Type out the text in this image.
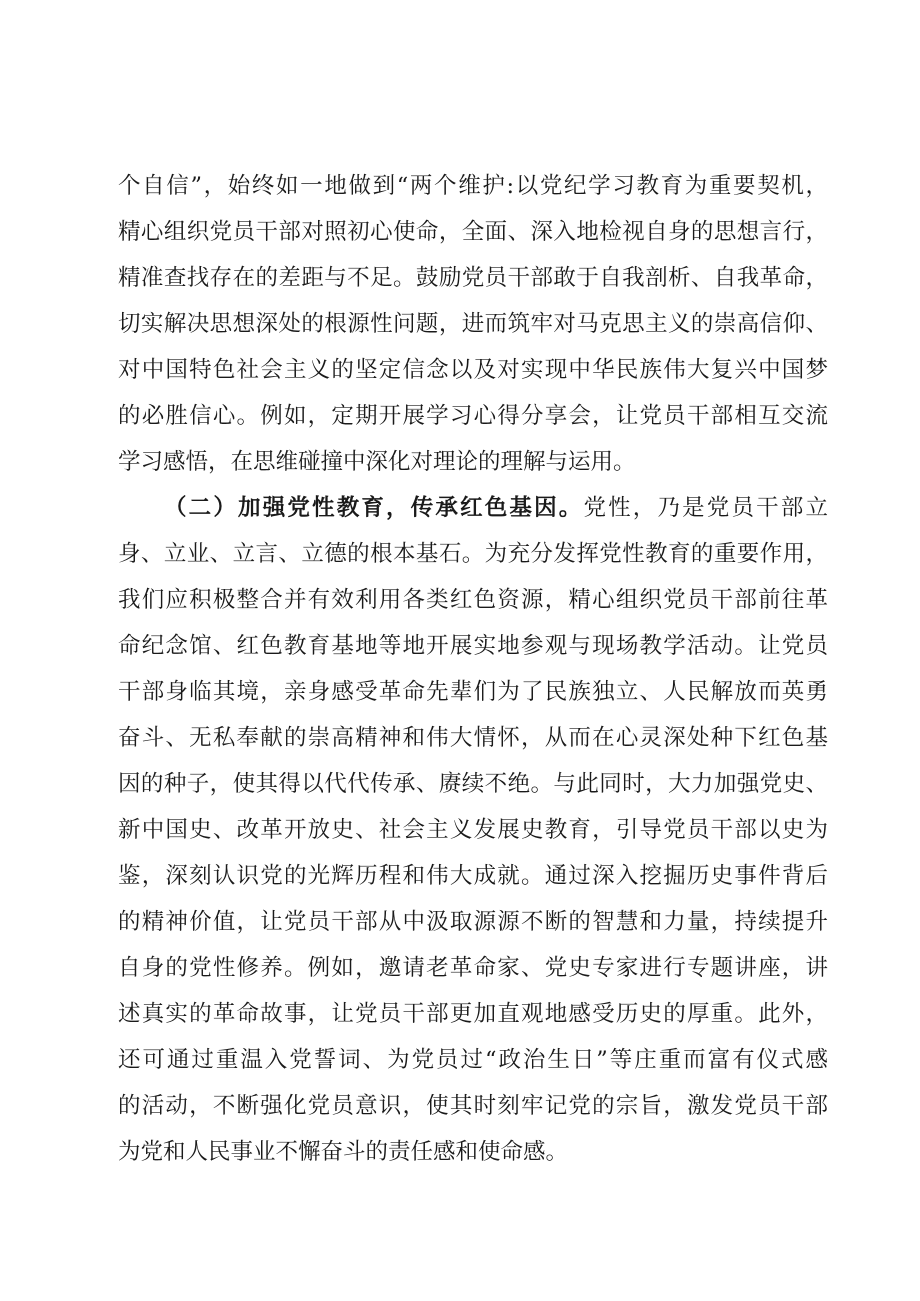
个自信”，始终如一地做到“两个维护:以党纪学习教育为重要契机，
精心组织党员干部对照初心使命，全面、深入地检视自身的思想言行，
精准查找存在的差距与不足。鼓励党员干部敢于自我剖析、自我革命，
切实解决思想深处的根源性问题，进而筑牢对马克思主义的崇高信仰、
对中国特色社会主义的坚定信念以及对实现中华民族伟大复兴中国梦
的必胜信心。例如，定期开展学习心得分享会，让党员干部相互交流
学习感悟，在思维碰撞中深化对理论的理解与运用。
（二）加强党性教育，传承红色基因。党性，乃是党员干部立
身、立业、立言、立德的根本基石。为充分发挥党性教育的重要作用，
我们应积极整合并有效利用各类红色资源，精心组织党员干部前往革
命纪念馆、红色教育基地等地开展实地参观与现场教学活动。让党员
干部身临其境，亲身感受革命先辈们为了民族独立、人民解放而英勇
奋斗、无私奉献的崇高精神和伟大情怀，从而在心灵深处种下红色基
因的种子，使其得以代代传承、赓续不绝。与此同时，大力加强党史、
新中国史、改革开放史、社会主义发展史教育，引导党员干部以史为
鉴，深刻认识党的光辉历程和伟大成就。通过深入挖掘历史事件背后
的精神价值，让党员干部从中汲取源源不断的智慧和力量，持续提升
自身的党性修养。例如，邀请老革命家、党史专家进行专题讲座，讲
述真实的革命故事，让党员干部更加直观地感受历史的厚重。此外，
还可通过重温入党誓词、为党员过“政治生日”等庄重而富有仪式感
的活动，不断强化党员意识，使其时刻牢记党的宗旨，激发党员干部
为党和人民事业不懈奋斗的责任感和使命感。
